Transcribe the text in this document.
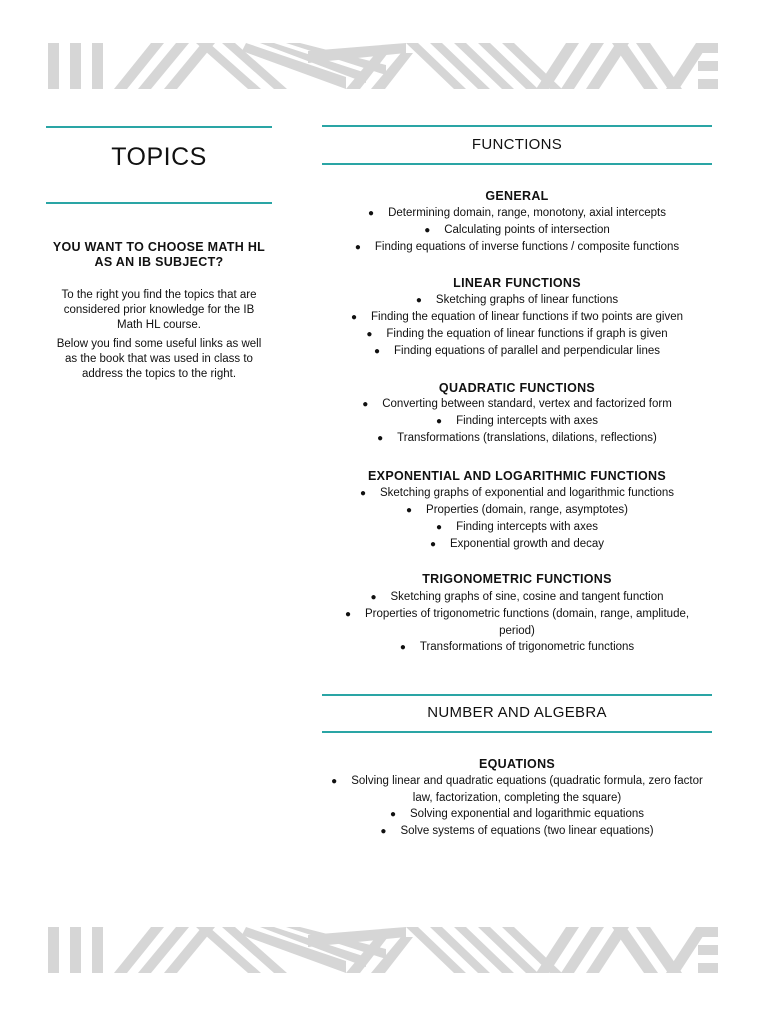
TOPICS
YOU WANT TO CHOOSE MATH HL AS AN IB SUBJECT?
To the right you find the topics that are considered prior knowledge for the IB Math HL course.
Below you find some useful links as well as the book that was used in class to address the topics to the right.
FUNCTIONS
GENERAL
● Determining domain, range, monotony, axial intercepts
● Calculating points of intersection
● Finding equations of inverse functions / composite functions
LINEAR FUNCTIONS
● Sketching graphs of linear functions
● Finding the equation of linear functions if two points are given
● Finding the equation of linear functions if graph is given
● Finding equations of parallel and perpendicular lines
QUADRATIC FUNCTIONS
● Converting between standard, vertex and factorized form
● Finding intercepts with axes
● Transformations (translations, dilations, reflections)
EXPONENTIAL AND LOGARITHMIC FUNCTIONS
● Sketching graphs of exponential and logarithmic functions
● Properties (domain, range, asymptotes)
● Finding intercepts with axes
● Exponential growth and decay
TRIGONOMETRIC FUNCTIONS
● Sketching graphs of sine, cosine and tangent function
● Properties of trigonometric functions (domain, range, amplitude,
period)
● Transformations of trigonometric functions
NUMBER AND ALGEBRA
EQUATIONS
● Solving linear and quadratic equations (quadratic formula, zero factor
law, factorization, completing the square)
● Solving exponential and logarithmic equations
● Solve systems of equations (two linear equations)
